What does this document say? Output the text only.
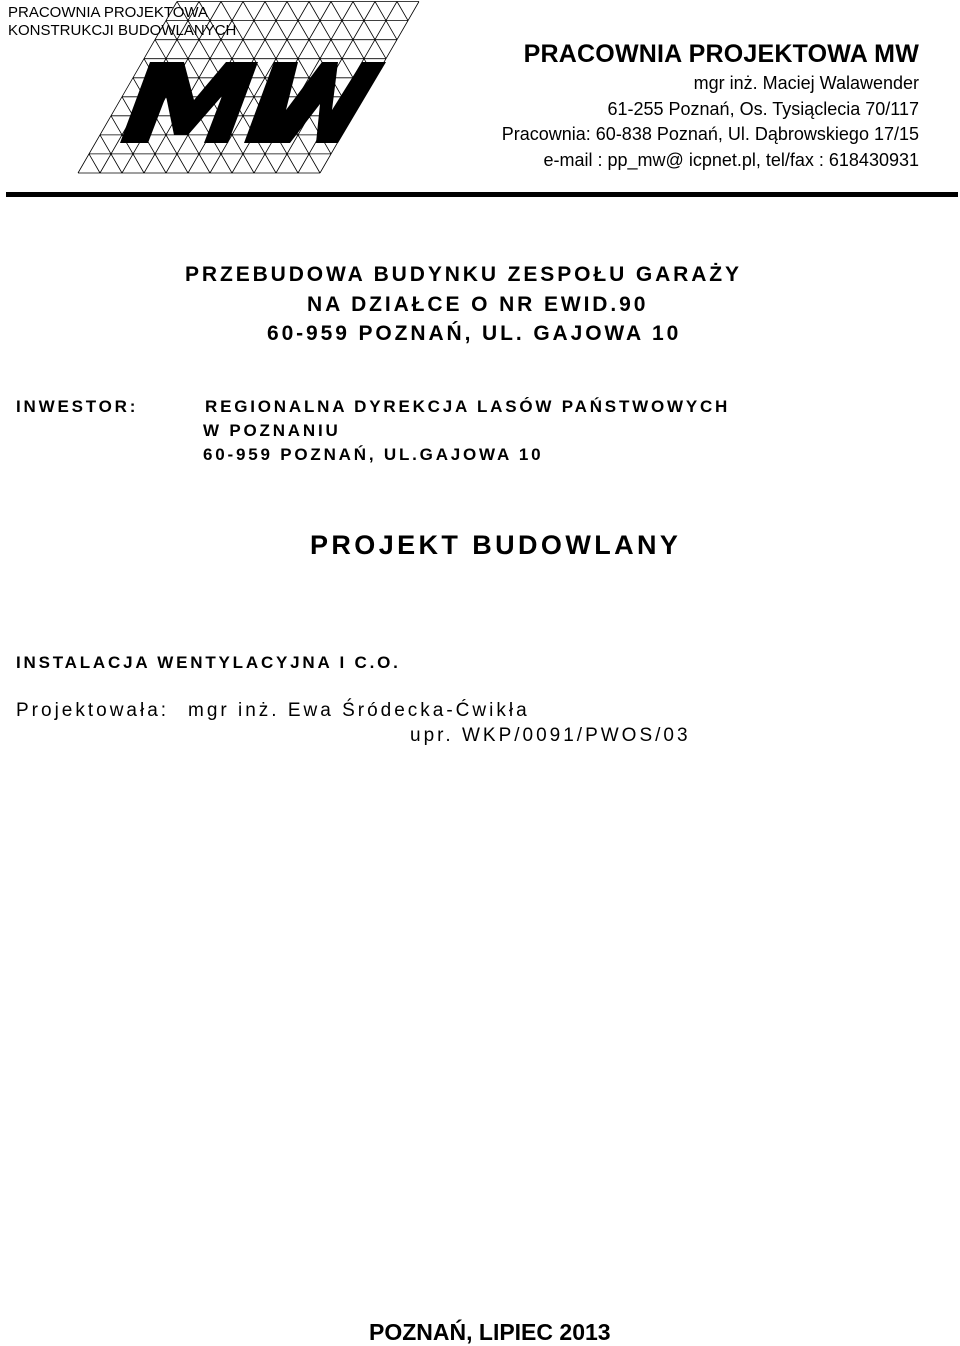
PRACOWNIA PROJEKTOWA
KONSTRUKCJI BUDOWLANYCH
PRACOWNIA PROJEKTOWA MW
mgr inż. Maciej Walawender
61-255 Poznań, Os. Tysiąclecia 70/117
Pracownia: 60-838 Poznań, Ul. Dąbrowskiego 17/15
e-mail : pp_mw@ icpnet.pl, tel/fax : 618430931
PRZEBUDOWA BUDYNKU ZESPOŁU GARAŻY
NA DZIAŁCE O NR EWID.90
60-959 POZNAŃ, UL. GAJOWA 10
INWESTOR:	REGIONALNA DYREKCJA LASÓW PAŃSTWOWYCH
W POZNANIU
60-959 POZNAŃ, UL.GAJOWA 10
PROJEKT BUDOWLANY
INSTALACJA WENTYLACYJNA I C.O.
Projektowała: mgr inż. Ewa Śródecka-Ćwikła
upr. WKP/0091/PWOS/03
POZNAŃ, LIPIEC 2013
